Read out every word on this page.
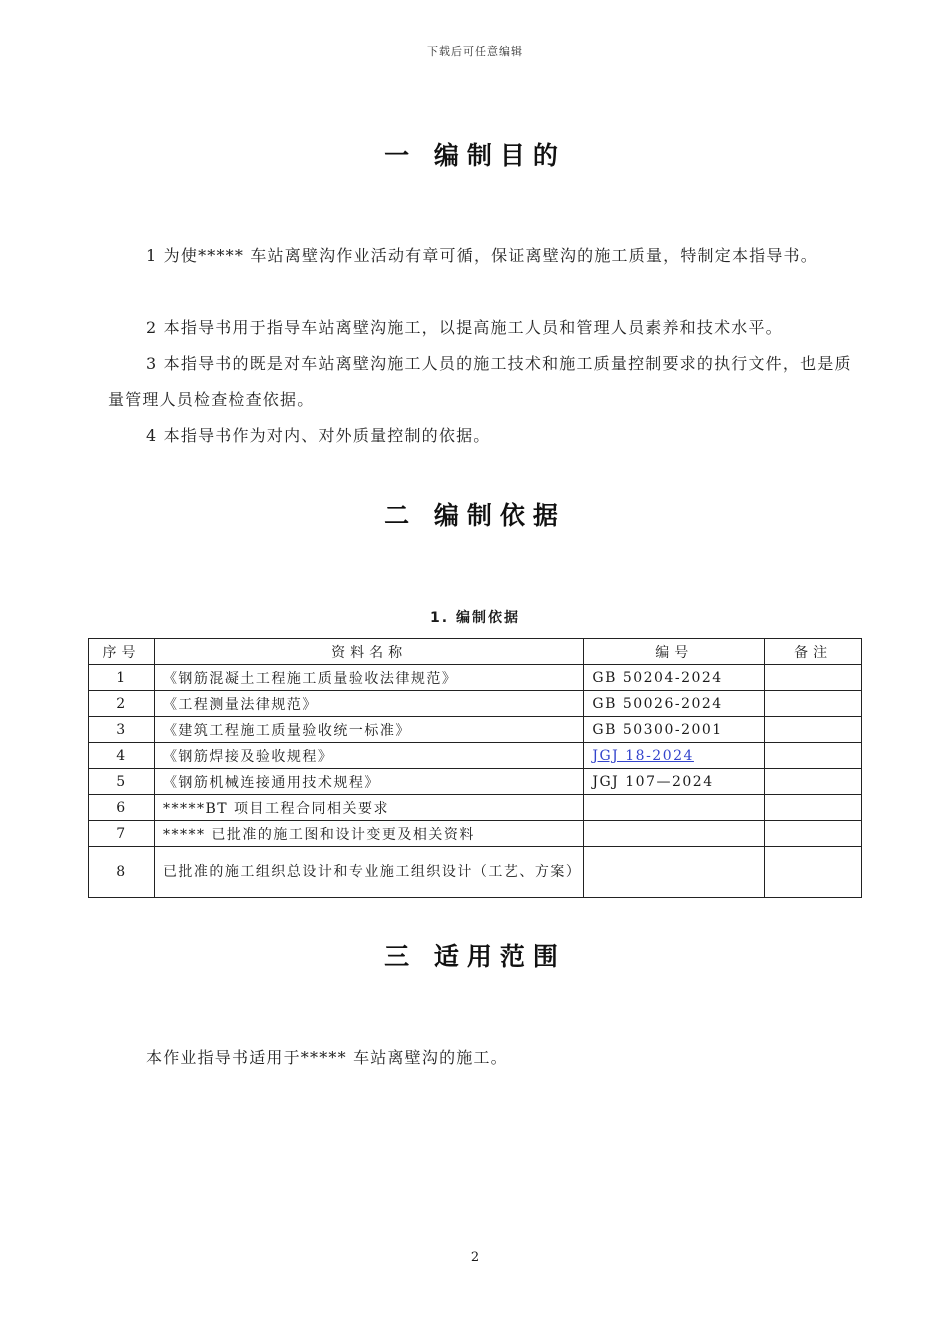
下载后可任意编辑
一 编制目的
1 为使***** 车站离壁沟作业活动有章可循，保证离壁沟的施工质量，特制定本指导书。
2 本指导书用于指导车站离壁沟施工，以提高施工人员和管理人员素养和技术水平。
3 本指导书的既是对车站离壁沟施工人员的施工技术和施工质量控制要求的执行文件，也是质量管理人员检查检查依据。
4 本指导书作为对内、对外质量控制的依据。
二 编制依据
1. 编制依据
序号	资料名称	编号	备注
1	《钢筋混凝土工程施工质量验收法律规范》	GB 50204-2024	
2	《工程测量法律规范》	GB 50026-2024	
3	《建筑工程施工质量验收统一标准》	GB 50300-2001	
4	《钢筋焊接及验收规程》	JGJ 18-2024	
5	《钢筋机械连接通用技术规程》	JGJ 107—2024	
6	*****BT 项目工程合同相关要求		
7	***** 已批准的施工图和设计变更及相关资料		
8	已批准的施工组织总设计和专业施工组织设计（工艺、方案）		
三 适用范围
本作业指导书适用于***** 车站离壁沟的施工。
2
